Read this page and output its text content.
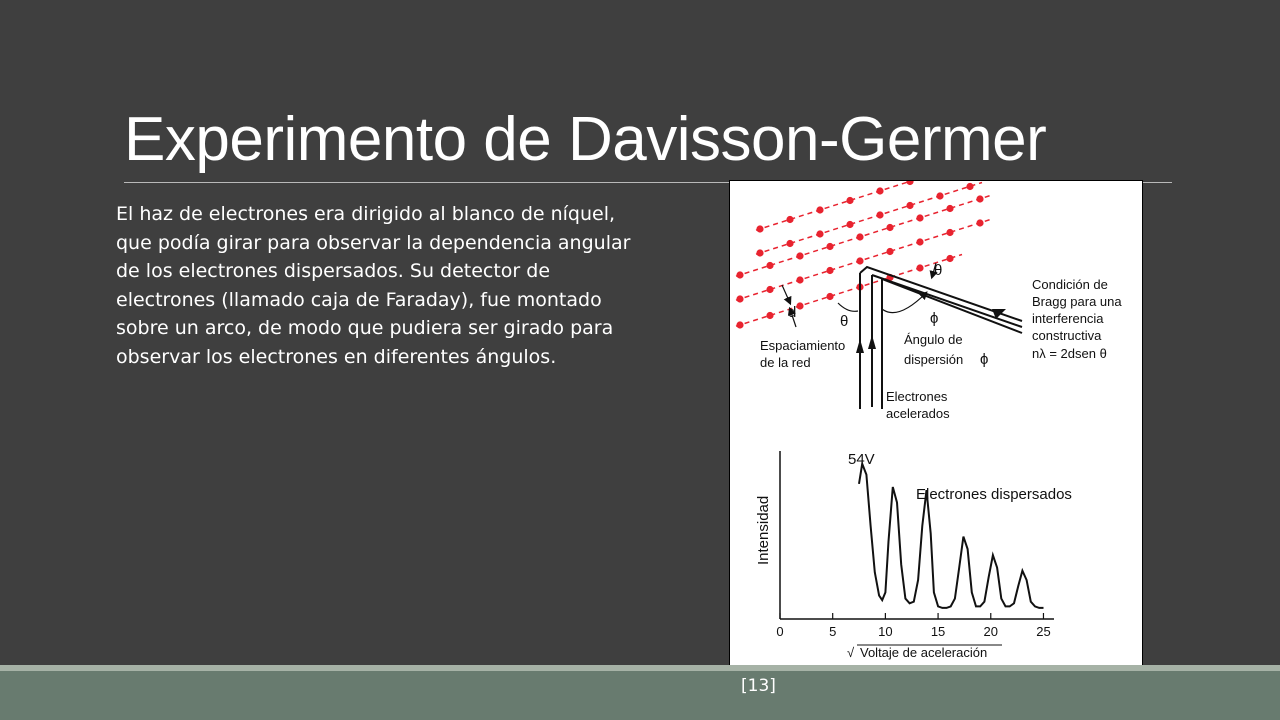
Experimento de Davisson-Germer

El haz de electrones era dirigido al blanco de níquel, que podía girar para observar la dependencia angular de los electrones dispersados. Su detector de electrones (llamado caja de Faraday), fue montado sobre un arco, de modo que pudiera ser girado para observar los electrones en diferentes ángulos.

θ
Condición de
Bragg para una
interferencia
constructiva
nλ = 2dsen θ
d
θ	ϕ
Espaciamiento
de la red
Ángulo de
dispersión ϕ
Electrones
acelerados
0	5	10	15	20	25
Intensidad
Electrones dispersados
54V
√ Voltaje de aceleración
[13]
